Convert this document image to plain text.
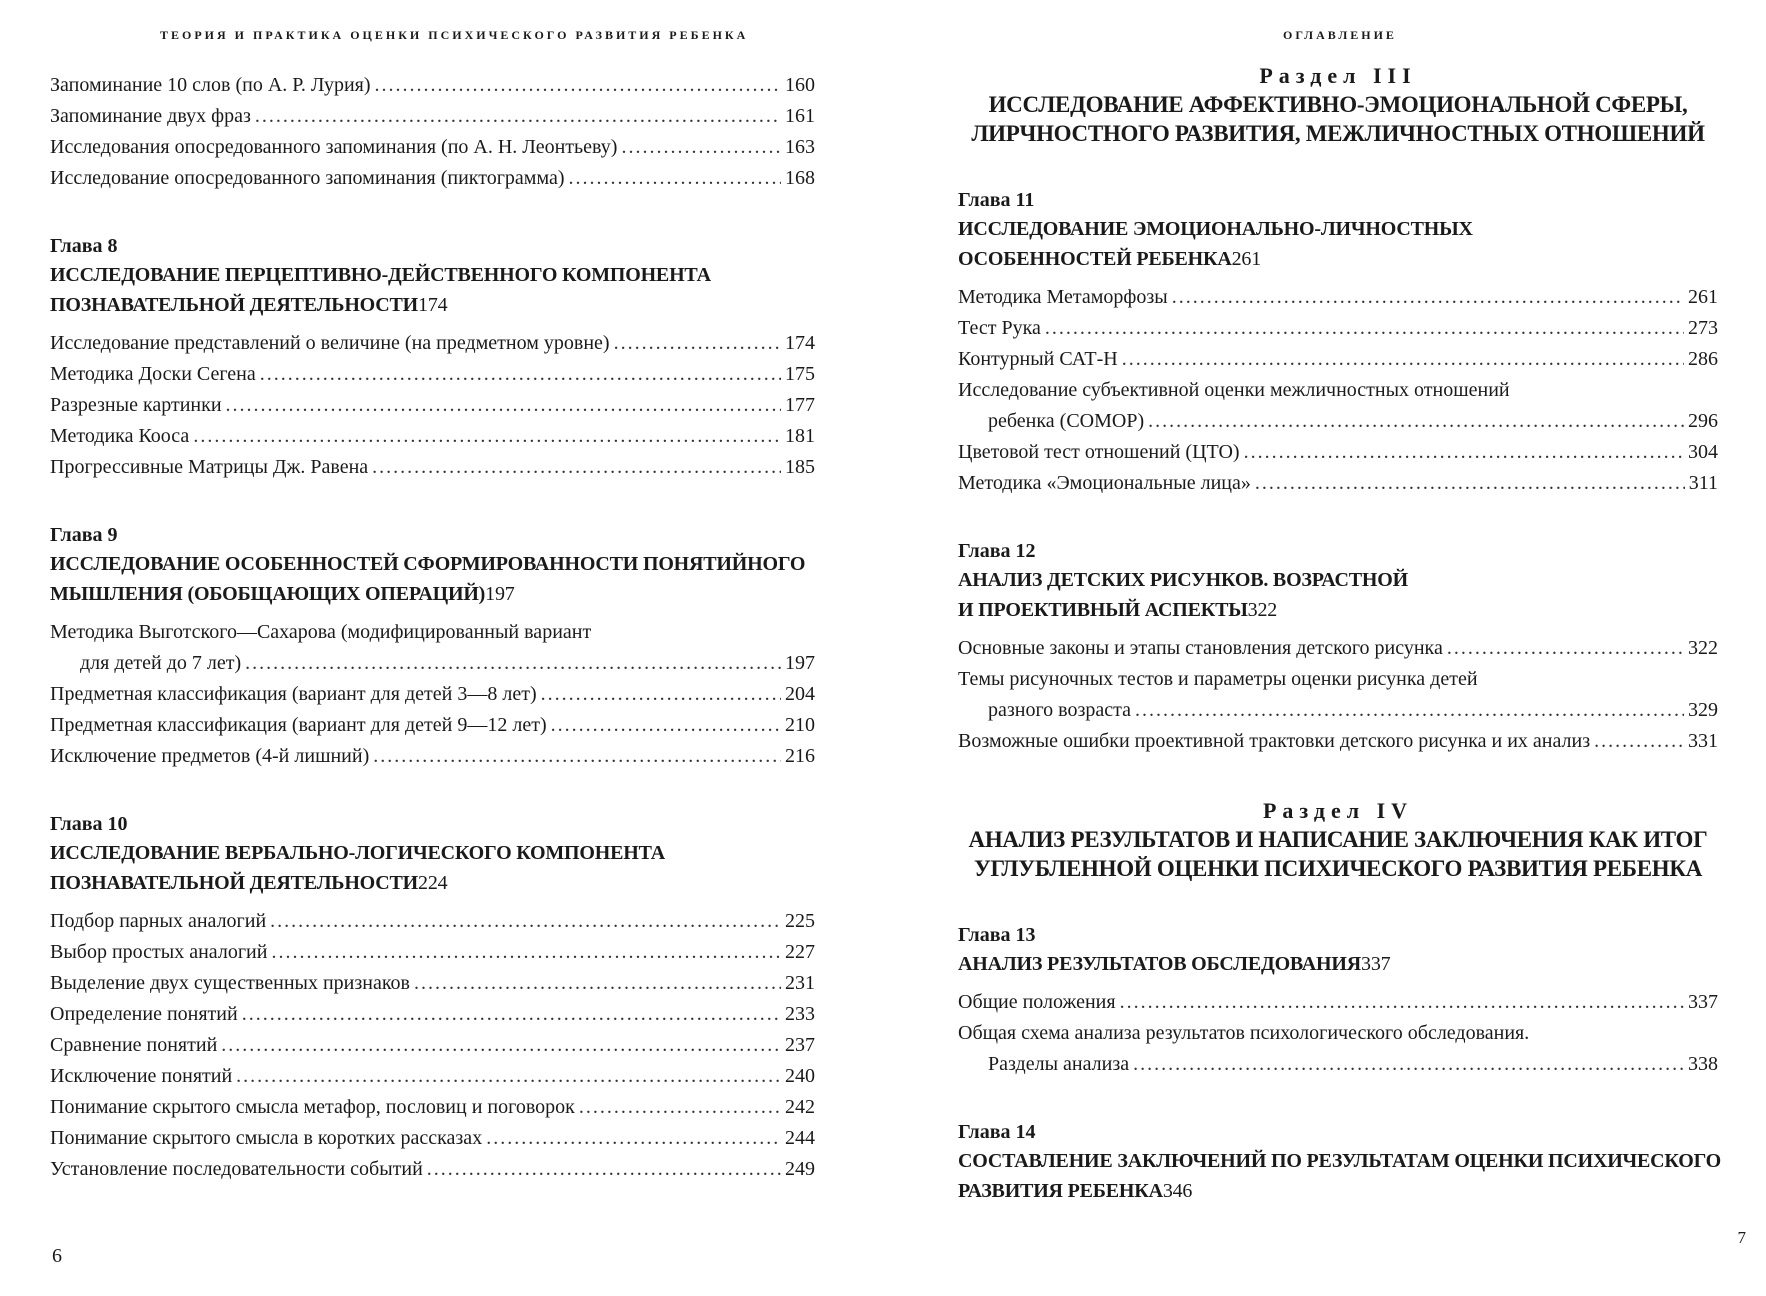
ТЕОРИЯ И ПРАКТИКА ОЦЕНКИ ПСИХИЧЕСКОГО РАЗВИТИЯ РЕБЕНКА
Запоминание 10 слов (по А. Р. Лурия) .....	160
Запоминание двух фраз .....	161
Исследования опосредованного запоминания (по А. Н. Леонтьеву) .....	163
Исследование опосредованного запоминания (пиктограмма) .....	168
Глава 8
ИССЛЕДОВАНИЕ ПЕРЦЕПТИВНО-ДЕЙСТВЕННОГО КОМПОНЕНТА
ПОЗНАВАТЕЛЬНОЙ ДЕЯТЕЛЬНОСТИ 174
Исследование представлений о величине (на предметном уровне) .....	174
Методика Доски Сегена .....	175
Разрезные картинки .....	177
Методика Кооса .....	181
Прогрессивные Матрицы Дж. Равена .....	185
Глава 9
ИССЛЕДОВАНИЕ ОСОБЕННОСТЕЙ СФОРМИРОВАННОСТИ ПОНЯТИЙНОГО
МЫШЛЕНИЯ (ОБОБЩАЮЩИХ ОПЕРАЦИЙ) 197
Методика Выготского—Сахарова (модифицированный вариант
для детей до 7 лет) .....	197
Предметная классификация (вариант для детей 3—8 лет) .....	204
Предметная классификация (вариант для детей 9—12 лет) .....	210
Исключение предметов (4-й лишний) .....	216
Глава 10
ИССЛЕДОВАНИЕ ВЕРБАЛЬНО-ЛОГИЧЕСКОГО КОМПОНЕНТА
ПОЗНАВАТЕЛЬНОЙ ДЕЯТЕЛЬНОСТИ 224
Подбор парных аналогий .....	225
Выбор простых аналогий .....	227
Выделение двух существенных признаков .....	231
Определение понятий .....	233
Сравнение понятий .....	237
Исключение понятий .....	240
Понимание скрытого смысла метафор, пословиц и поговорок .....	242
Понимание скрытого смысла в коротких рассказах .....	244
Установление последовательности событий .....	249
6
ОГЛАВЛЕНИЕ
Раздел III
ИССЛЕДОВАНИЕ АФФЕКТИВНО-ЭМОЦИОНАЛЬНОЙ СФЕРЫ,
ЛИРЧНОСТНОГО РАЗВИТИЯ, МЕЖЛИЧНОСТНЫХ ОТНОШЕНИЙ
Глава 11
ИССЛЕДОВАНИЕ ЭМОЦИОНАЛЬНО-ЛИЧНОСТНЫХ
ОСОБЕННОСТЕЙ РЕБЕНКА 261
Методика Метаморфозы .....	261
Тест Рука .....	273
Контурный САТ-Н .....	286
Исследование субъективной оценки межличностных отношений
ребенка (СОМОР) .....	296
Цветовой тест отношений (ЦТО) .....	304
Методика «Эмоциональные лица» .....	311
Глава 12
АНАЛИЗ ДЕТСКИХ РИСУНКОВ. ВОЗРАСТНОЙ
И ПРОЕКТИВНЫЙ АСПЕКТЫ 322
Основные законы и этапы становления детского рисунка .....	322
Темы рисуночных тестов и параметры оценки рисунка детей
разного возраста .....	329
Возможные ошибки проективной трактовки детского рисунка и их анализ .....	331
Раздел IV
АНАЛИЗ РЕЗУЛЬТАТОВ И НАПИСАНИЕ ЗАКЛЮЧЕНИЯ КАК ИТОГ
УГЛУБЛЕННОЙ ОЦЕНКИ ПСИХИЧЕСКОГО РАЗВИТИЯ РЕБЕНКА
Глава 13
АНАЛИЗ РЕЗУЛЬТАТОВ ОБСЛЕДОВАНИЯ 337
Общие положения .....	337
Общая схема анализа результатов психологического обследования.
Разделы анализа .....	338
Глава 14
СОСТАВЛЕНИЕ ЗАКЛЮЧЕНИЙ ПО РЕЗУЛЬТАТАМ ОЦЕНКИ ПСИХИЧЕСКОГО
РАЗВИТИЯ РЕБЕНКА 346
7
